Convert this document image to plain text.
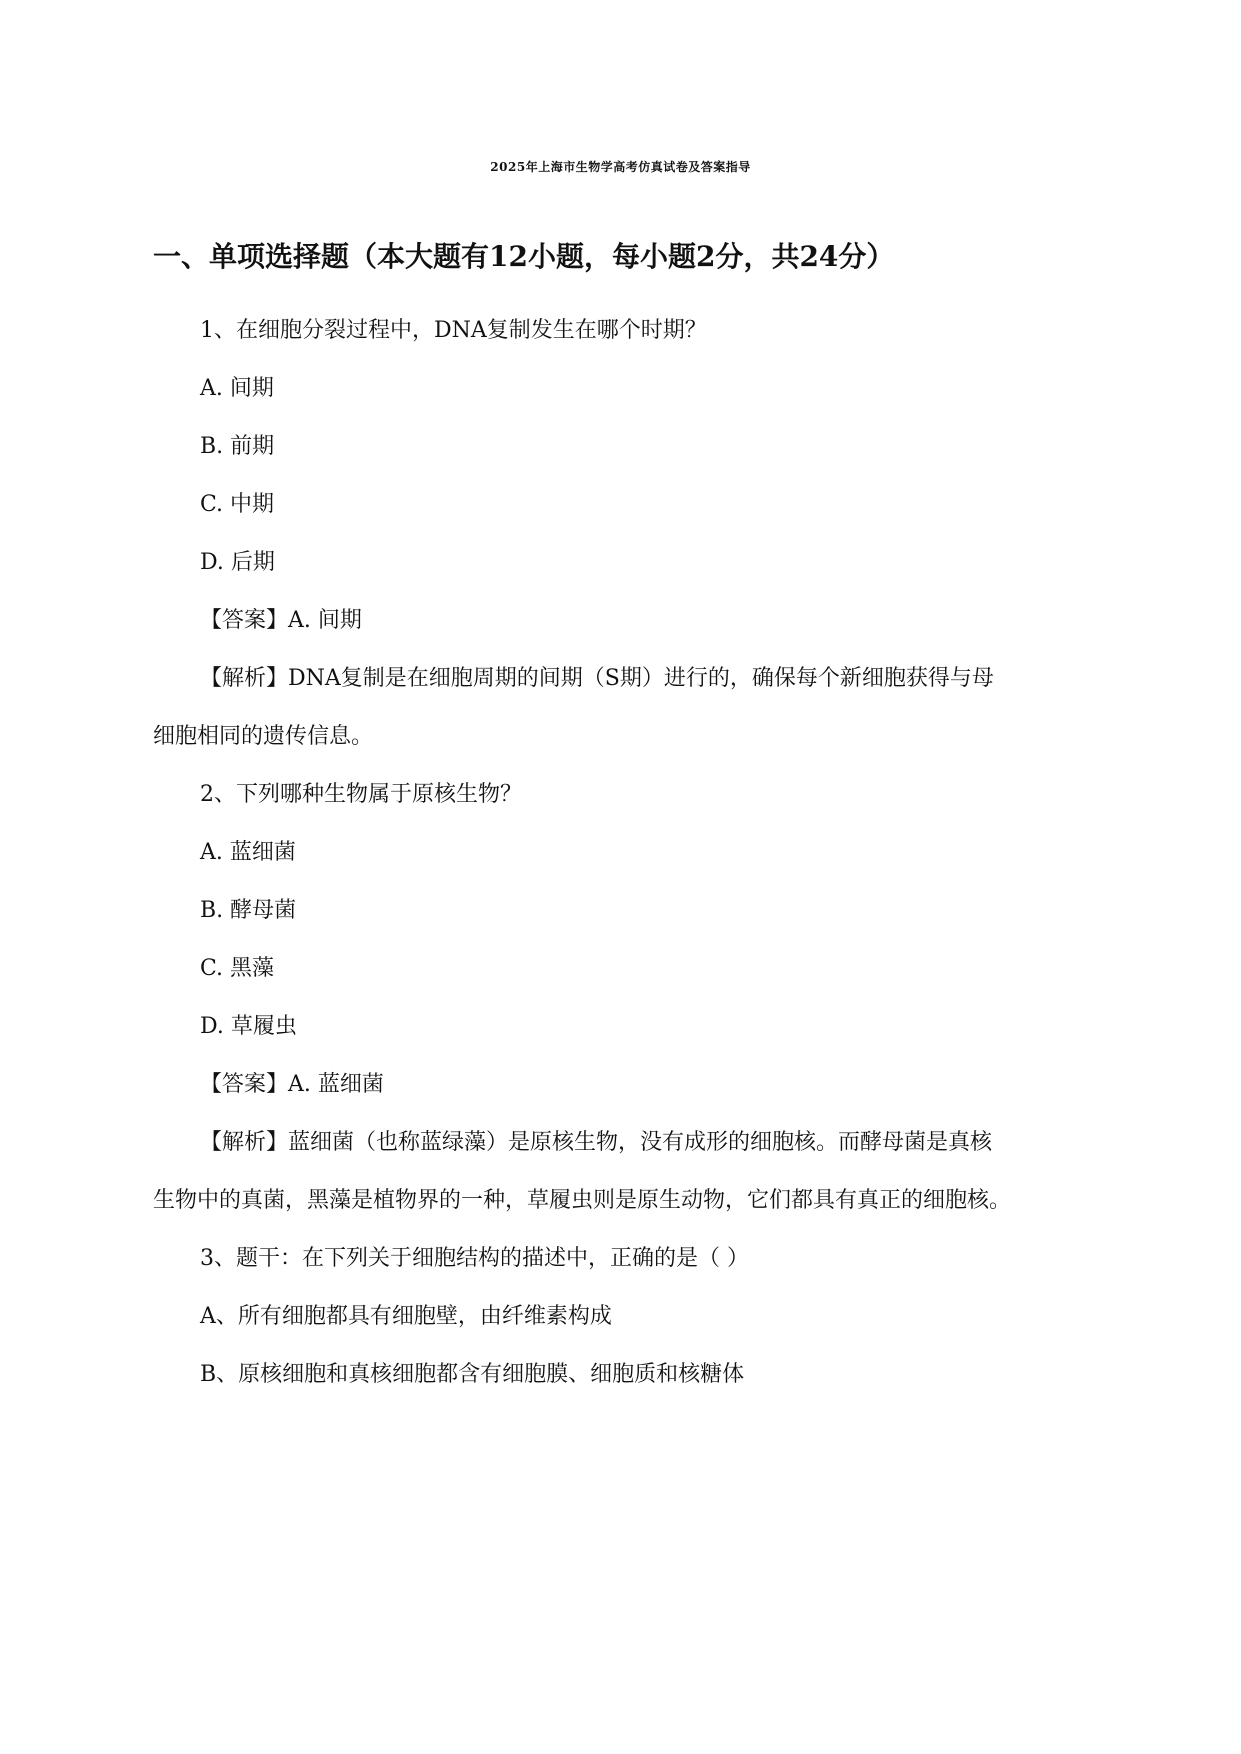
2025年上海市生物学高考仿真试卷及答案指导
一、单项选择题（本大题有12小题，每小题2分，共24分）
1、在细胞分裂过程中，DNA复制发生在哪个时期？
A. 间期
B. 前期
C. 中期
D. 后期
【答案】A. 间期
【解析】DNA复制是在细胞周期的间期（S期）进行的，确保每个新细胞获得与母
细胞相同的遗传信息。
2、下列哪种生物属于原核生物？
A. 蓝细菌
B. 酵母菌
C. 黑藻
D. 草履虫
【答案】A. 蓝细菌
【解析】蓝细菌（也称蓝绿藻）是原核生物，没有成形的细胞核。而酵母菌是真核
生物中的真菌，黑藻是植物界的一种，草履虫则是原生动物，它们都具有真正的细胞核。
3、题干：在下列关于细胞结构的描述中，正确的是（ ）
A、所有细胞都具有细胞壁，由纤维素构成
B、原核细胞和真核细胞都含有细胞膜、细胞质和核糖体
